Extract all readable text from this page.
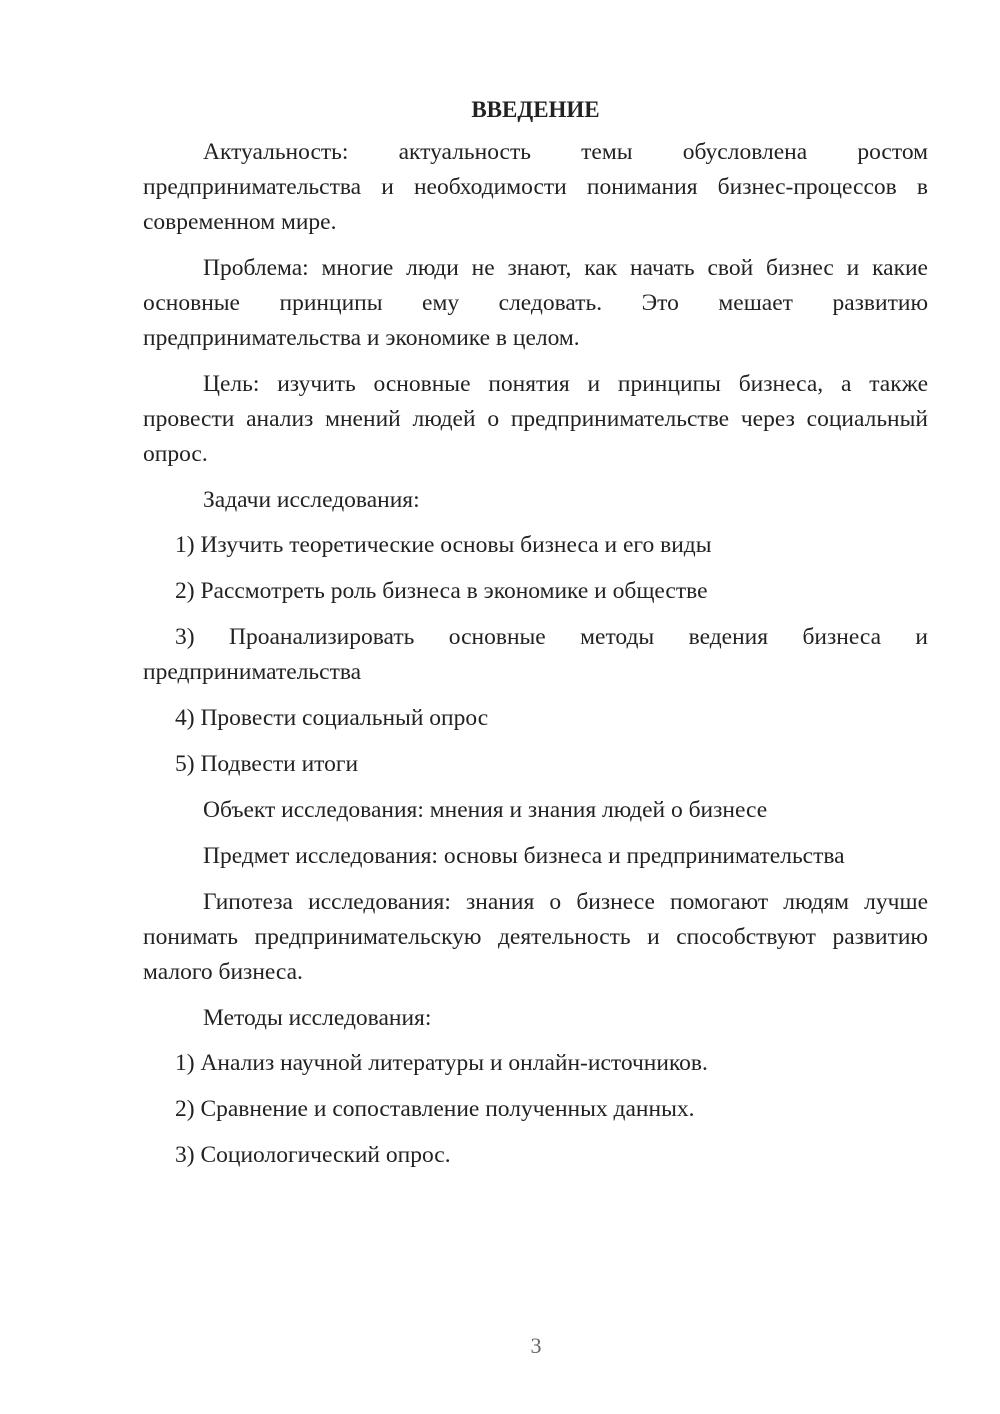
ВВЕДЕНИЕ
Актуальность: актуальность темы обусловлена ростом предпринимательства и необходимости понимания бизнес-процессов в современном мире.
Проблема: многие люди не знают, как начать свой бизнес и какие основные принципы ему следовать. Это мешает развитию предпринимательства и экономике в целом.
Цель: изучить основные понятия и принципы бизнеса, а также провести анализ мнений людей о предпринимательстве через социальный опрос.
Задачи исследования:
1) Изучить теоретические основы бизнеса и его виды
2) Рассмотреть роль бизнеса в экономике и обществе
3) Проанализировать основные методы ведения бизнеса и предпринимательства
4) Провести социальный опрос
5) Подвести итоги
Объект исследования: мнения и знания людей о бизнесе
Предмет исследования: основы бизнеса и предпринимательства
Гипотеза исследования: знания о бизнесе помогают людям лучше понимать предпринимательскую деятельность и способствуют развитию малого бизнеса.
Методы исследования:
1) Анализ научной литературы и онлайн-источников.
2) Сравнение и сопоставление полученных данных.
3) Социологический опрос.
3
